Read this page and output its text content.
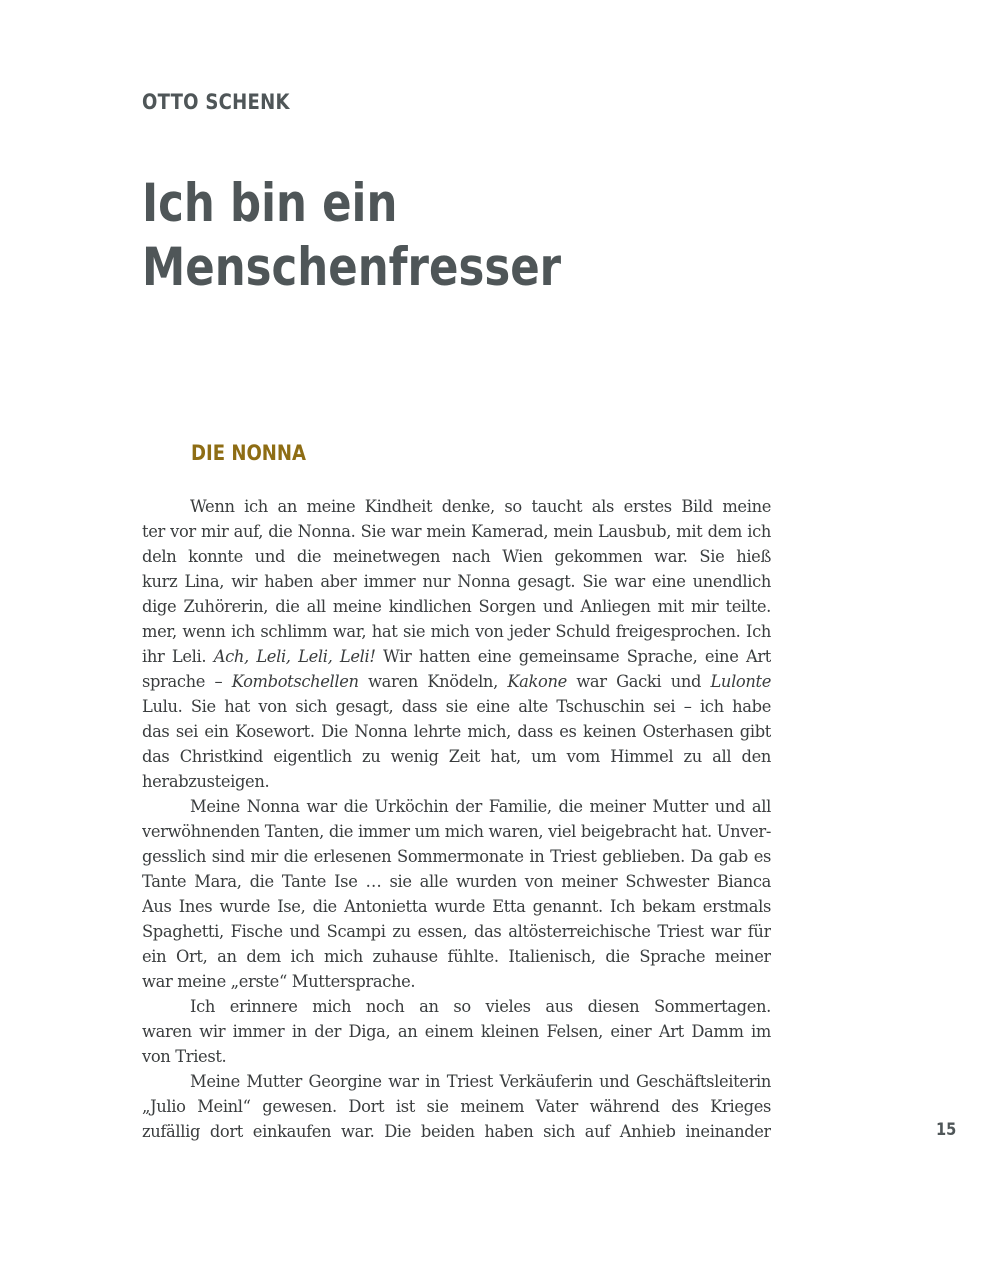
OTTO SCHENK

Ich bin ein
Menschenfresser
DIE NONNA
Wenn ich an meine Kindheit denke, so taucht als erstes Bild meine
ter vor mir auf, die Nonna. Sie war mein Kamerad, mein Lausbub, mit dem ich
deln konnte und die meinetwegen nach Wien gekommen war. Sie hieß
kurz Lina, wir haben aber immer nur Nonna gesagt. Sie war eine unendlich
dige Zuhörerin, die all meine kindlichen Sorgen und Anliegen mit mir teilte.
mer, wenn ich schlimm war, hat sie mich von jeder Schuld freigesprochen. Ich
ihr Leli. Ach, Leli, Leli, Leli! Wir hatten eine gemeinsame Sprache, eine Art
sprache – Kombotschellen waren Knödeln, Kakone war Gacki und Lulonte
Lulu. Sie hat von sich gesagt, dass sie eine alte Tschuschin sei – ich habe
das sei ein Kosewort. Die Nonna lehrte mich, dass es keinen Osterhasen gibt
das Christkind eigentlich zu wenig Zeit hat, um vom Himmel zu all den
herabzusteigen.
Meine Nonna war die Urköchin der Familie, die meiner Mutter und all
verwöhnenden Tanten, die immer um mich waren, viel beigebracht hat. Unver-
gesslich sind mir die erlesenen Sommermonate in Triest geblieben. Da gab es
Tante Mara, die Tante Ise … sie alle wurden von meiner Schwester Bianca
Aus Ines wurde Ise, die Antonietta wurde Etta genannt. Ich bekam erstmals
Spaghetti, Fische und Scampi zu essen, das altösterreichische Triest war für
ein Ort, an dem ich mich zuhause fühlte. Italienisch, die Sprache meiner
war meine „erste“ Muttersprache.
Ich erinnere mich noch an so vieles aus diesen Sommertagen.
waren wir immer in der Diga, an einem kleinen Felsen, einer Art Damm im
von Triest.
Meine Mutter Georgine war in Triest Verkäuferin und Geschäftsleiterin
„Julio Meinl“ gewesen. Dort ist sie meinem Vater während des Krieges
zufällig dort einkaufen war. Die beiden haben sich auf Anhieb ineinander	15
